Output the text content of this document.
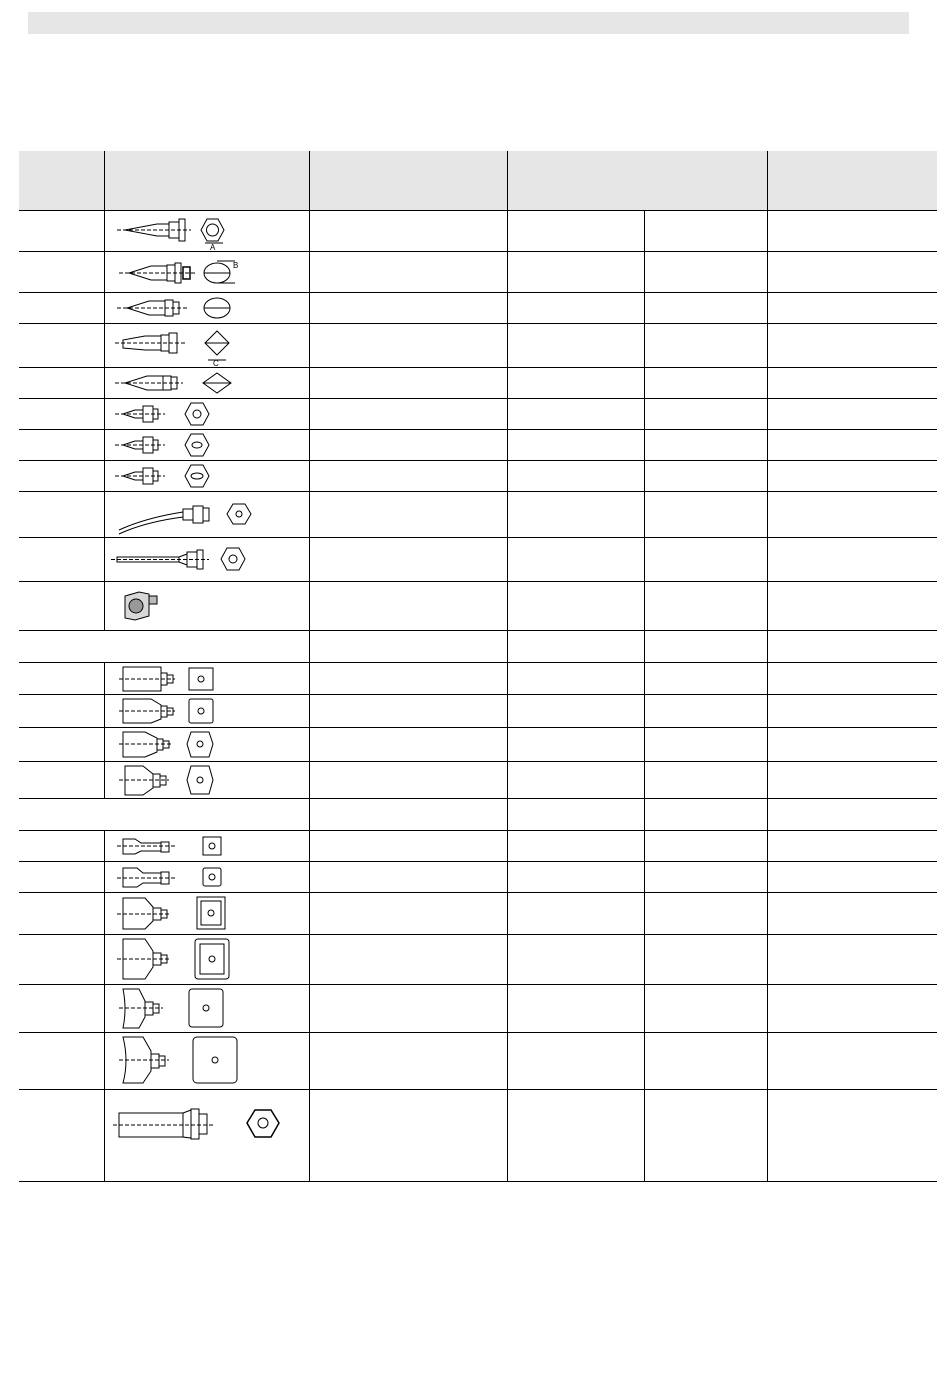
A				

B				

C				
